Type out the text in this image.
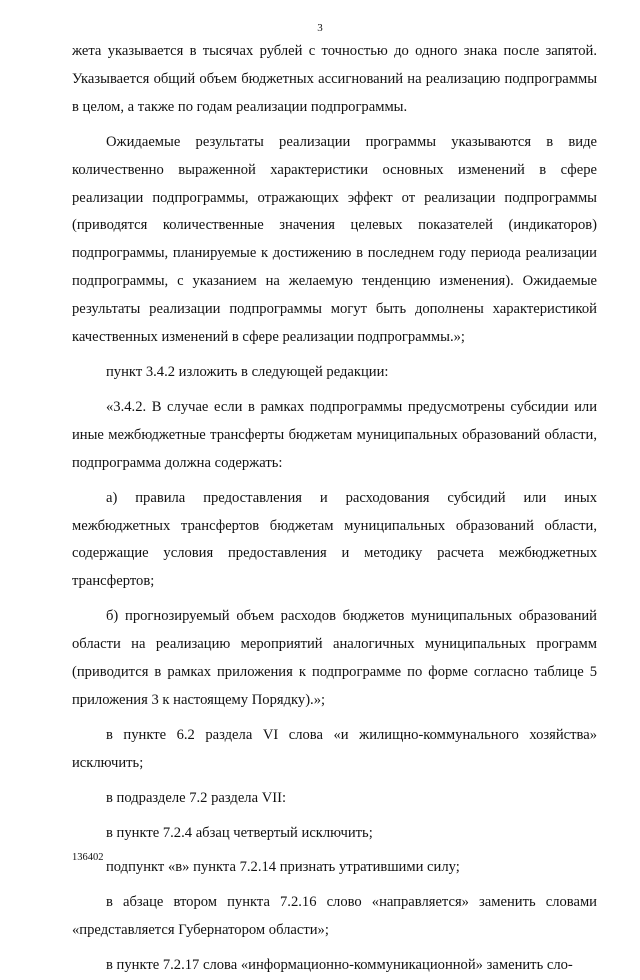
3

жета указывается в тысячах рублей с точностью до одного знака после запятой. Указывается общий объем бюджетных ассигнований на реализацию подпрограммы в целом, а также по годам реализации подпрограммы.

Ожидаемые результаты реализации программы указываются в виде количественно выраженной характеристики основных изменений в сфере реализации подпрограммы, отражающих эффект от реализации подпрограммы (приводятся количественные значения целевых показателей (индикаторов) подпрограммы, планируемые к достижению в последнем году периода реализации подпрограммы, с указанием на желаемую тенденцию изменения). Ожидаемые результаты реализации подпрограммы могут быть дополнены характеристикой качественных изменений в сфере реализации подпрограммы.»;

пункт 3.4.2 изложить в следующей редакции:

«3.4.2. В случае если в рамках подпрограммы предусмотрены субсидии или иные межбюджетные трансферты бюджетам муниципальных образований области, подпрограмма должна содержать:

а) правила предоставления и расходования субсидий или иных межбюджетных трансфертов бюджетам муниципальных образований области, содержащие условия предоставления и методику расчета межбюджетных трансфертов;

б) прогнозируемый объем расходов бюджетов муниципальных образований области на реализацию мероприятий аналогичных муниципальных программ (приводится в рамках приложения к подпрограмме по форме согласно таблице 5 приложения 3 к настоящему Порядку).»;

в пункте 6.2 раздела VI слова «и жилищно-коммунального хозяйства» исключить;

в подразделе 7.2 раздела VII:

в пункте 7.2.4 абзац четвертый исключить;

подпункт «в» пункта 7.2.14 признать утратившими силу;

в абзаце втором пункта 7.2.16 слово «направляется» заменить словами «представляется Губернатором области»;

в пункте 7.2.17 слова «информационно-коммуникационной» заменить сло-

136402
